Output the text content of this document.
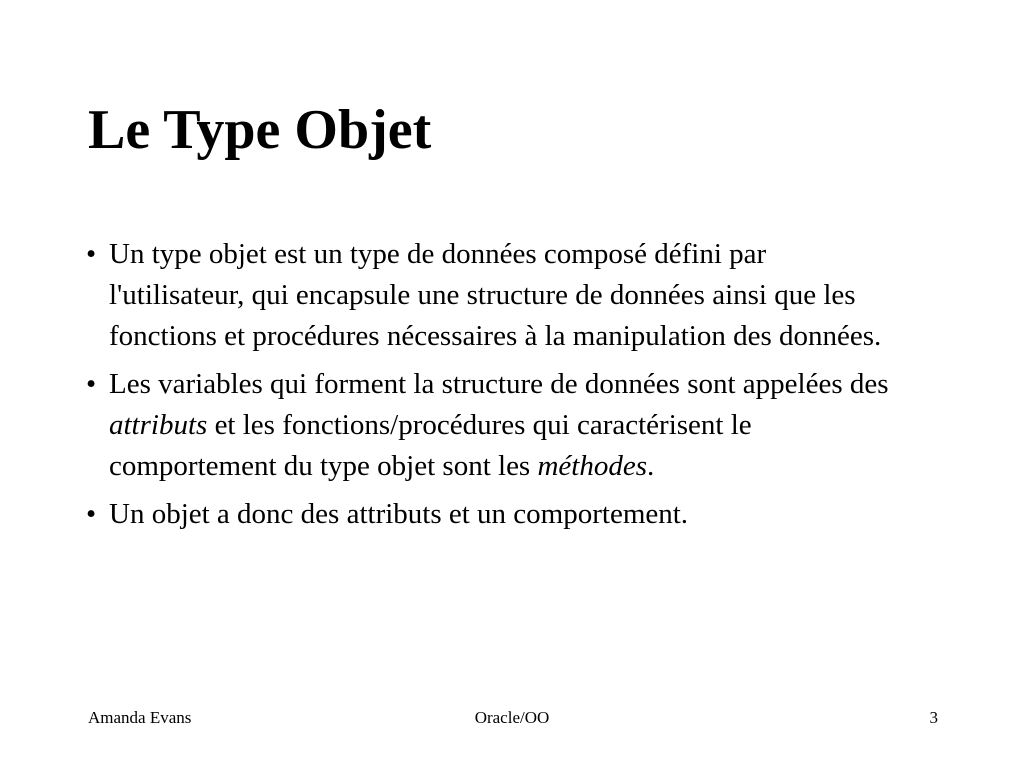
Le Type Objet
• Un type objet est un type de données composé défini par l'utilisateur, qui encapsule une structure de données ainsi que les fonctions et procédures nécessaires à la manipulation des données.
• Les variables qui forment la structure de données sont appelées des attributs et les fonctions/procédures qui caractérisent le comportement du type objet sont les méthodes.
• Un objet a donc des attributs et un comportement.
Amanda Evans	Oracle/OO	3
